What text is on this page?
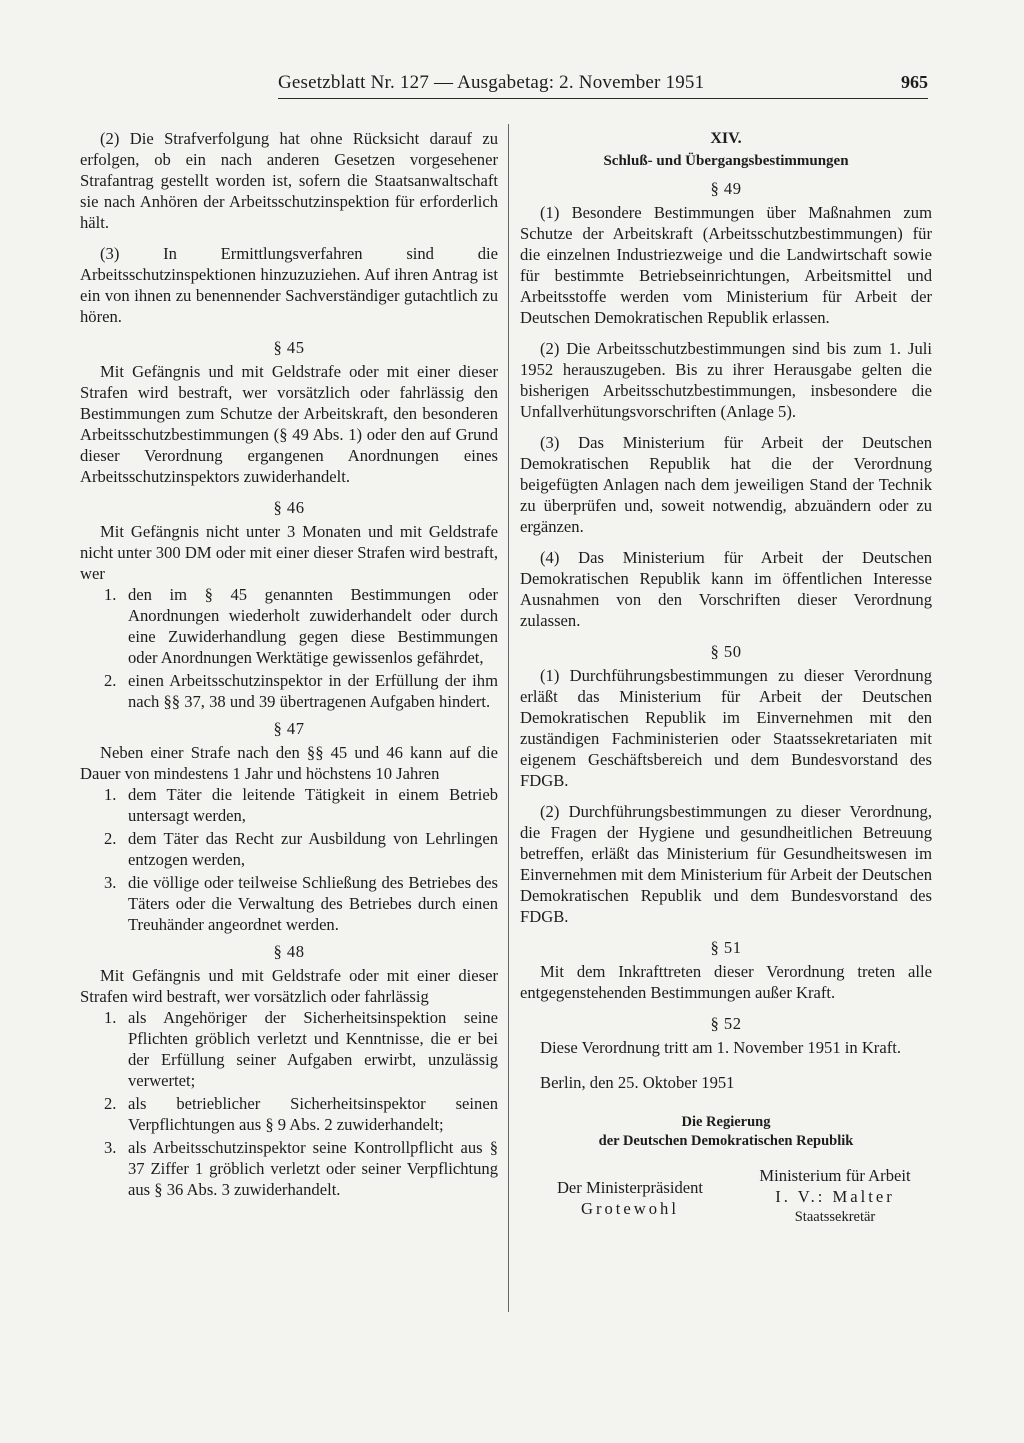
Gesetzblatt Nr. 127 — Ausgabetag: 2. November 1951	965

(2) Die Strafverfolgung hat ohne Rücksicht darauf zu erfolgen, ob ein nach anderen Gesetzen vorgesehener Strafantrag gestellt worden ist, sofern die Staatsanwaltschaft sie nach Anhören der Arbeitsschutzinspektion für erforderlich hält.

(3) In Ermittlungsverfahren sind die Arbeitsschutzinspektionen hinzuzuziehen. Auf ihren Antrag ist ein von ihnen zu benennender Sachverständiger gutachtlich zu hören.

§ 45

Mit Gefängnis und mit Geldstrafe oder mit einer dieser Strafen wird bestraft, wer vorsätzlich oder fahrlässig den Bestimmungen zum Schutze der Arbeitskraft, den besonderen Arbeitsschutzbestimmungen (§ 49 Abs. 1) oder den auf Grund dieser Verordnung ergangenen Anordnungen eines Arbeitsschutzinspektors zuwiderhandelt.

§ 46

Mit Gefängnis nicht unter 3 Monaten und mit Geldstrafe nicht unter 300 DM oder mit einer dieser Strafen wird bestraft, wer

1. den im § 45 genannten Bestimmungen oder Anordnungen wiederholt zuwiderhandelt oder durch eine Zuwiderhandlung gegen diese Bestimmungen oder Anordnungen Werktätige gewissenlos gefährdet,
2. einen Arbeitsschutzinspektor in der Erfüllung der ihm nach §§ 37, 38 und 39 übertragenen Aufgaben hindert.
§ 47

Neben einer Strafe nach den §§ 45 und 46 kann auf die Dauer von mindestens 1 Jahr und höchstens 10 Jahren

1. dem Täter die leitende Tätigkeit in einem Betrieb untersagt werden,
2. dem Täter das Recht zur Ausbildung von Lehrlingen entzogen werden,
3. die völlige oder teilweise Schließung des Betriebes des Täters oder die Verwaltung des Betriebes durch einen Treuhänder angeordnet werden.
§ 48

Mit Gefängnis und mit Geldstrafe oder mit einer dieser Strafen wird bestraft, wer vorsätzlich oder fahrlässig

1. als Angehöriger der Sicherheitsinspektion seine Pflichten gröblich verletzt und Kenntnisse, die er bei der Erfüllung seiner Aufgaben erwirbt, unzulässig verwertet;
2. als betrieblicher Sicherheitsinspektor seinen Verpflichtungen aus § 9 Abs. 2 zuwiderhandelt;
3. als Arbeitsschutzinspektor seine Kontrollpflicht aus § 37 Ziffer 1 gröblich verletzt oder seiner Verpflichtung aus § 36 Abs. 3 zuwiderhandelt.
XIV.
Schluß- und Übergangsbestimmungen
§ 49

(1) Besondere Bestimmungen über Maßnahmen zum Schutze der Arbeitskraft (Arbeitsschutzbestimmungen) für die einzelnen Industriezweige und die Landwirtschaft sowie für bestimmte Betriebseinrichtungen, Arbeitsmittel und Arbeitsstoffe werden vom Ministerium für Arbeit der Deutschen Demokratischen Republik erlassen.

(2) Die Arbeitsschutzbestimmungen sind bis zum 1. Juli 1952 herauszugeben. Bis zu ihrer Herausgabe gelten die bisherigen Arbeitsschutzbestimmungen, insbesondere die Unfallverhütungsvorschriften (Anlage 5).

(3) Das Ministerium für Arbeit der Deutschen Demokratischen Republik hat die der Verordnung beigefügten Anlagen nach dem jeweiligen Stand der Technik zu überprüfen und, soweit notwendig, abzuändern oder zu ergänzen.

(4) Das Ministerium für Arbeit der Deutschen Demokratischen Republik kann im öffentlichen Interesse Ausnahmen von den Vorschriften dieser Verordnung zulassen.

§ 50

(1) Durchführungsbestimmungen zu dieser Verordnung erläßt das Ministerium für Arbeit der Deutschen Demokratischen Republik im Einvernehmen mit den zuständigen Fachministerien oder Staatssekretariaten mit eigenem Geschäftsbereich und dem Bundesvorstand des FDGB.

(2) Durchführungsbestimmungen zu dieser Verordnung, die Fragen der Hygiene und gesundheitlichen Betreuung betreffen, erläßt das Ministerium für Gesundheitswesen im Einvernehmen mit dem Ministerium für Arbeit der Deutschen Demokratischen Republik und dem Bundesvorstand des FDGB.

§ 51

Mit dem Inkrafttreten dieser Verordnung treten alle entgegenstehenden Bestimmungen außer Kraft.

§ 52

Diese Verordnung tritt am 1. November 1951 in Kraft.

Berlin, den 25. Oktober 1951

Die Regierung
der Deutschen Demokratischen Republik
Der Ministerpräsident
Grotewohl
Ministerium für Arbeit
I. V.: Malter
Staatssekretär
